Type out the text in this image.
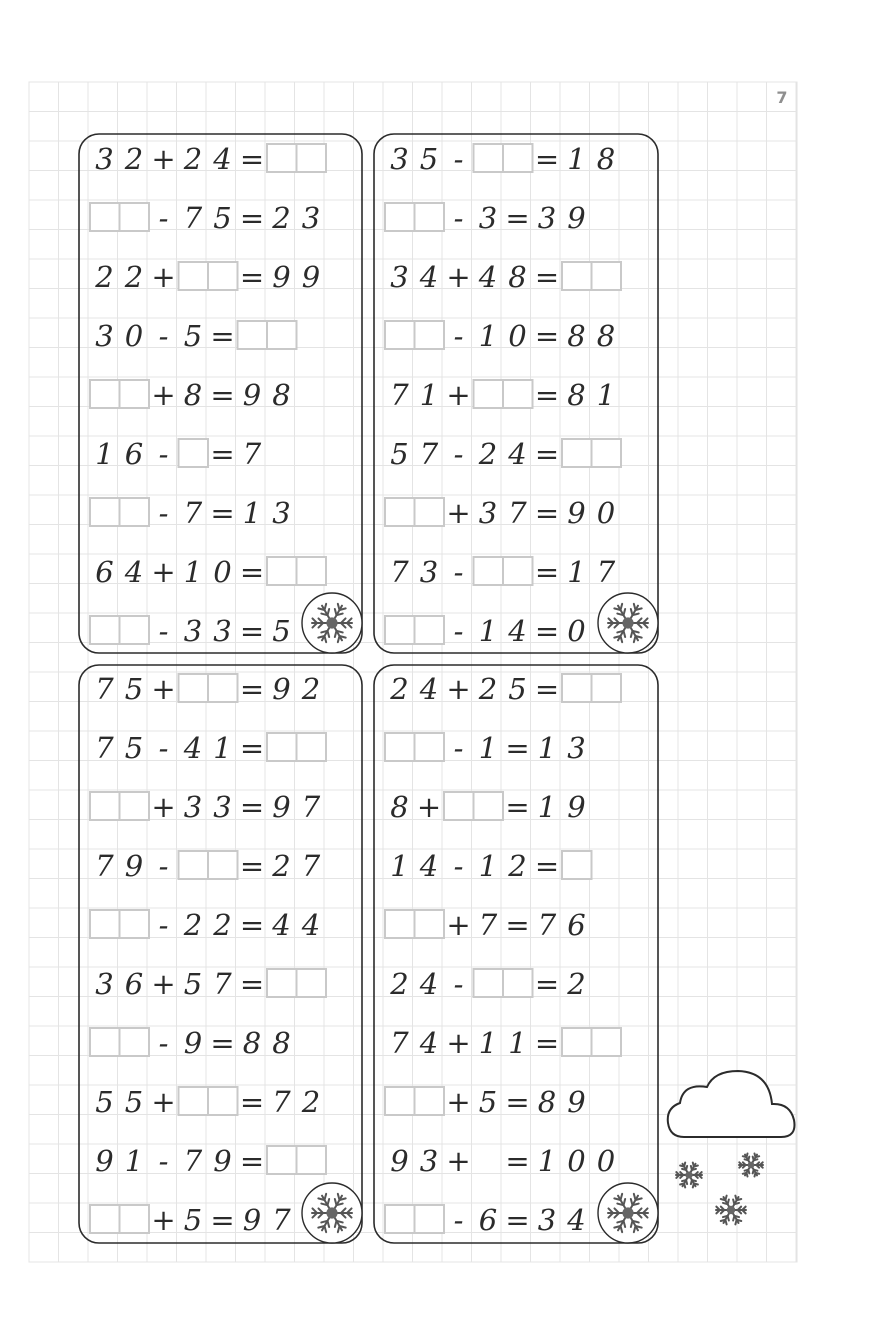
3 2 + 2 4 =
- 7 5 = 2 3
2 2 + = 9 9
3 0 - 5 =
+ 8 = 9 8
1 6 - = 7
- 7 = 1 3
6 4 + 1 0 =
- 3 3 = 5
3 5 - = 1 8
- 3 = 3 9
3 4 + 4 8 =
- 1 0 = 8 8
7 1 + = 8 1
5 7 - 2 4 =
+ 3 7 = 9 0
7 3 - = 1 7
- 1 4 = 0
7 5 + = 9 2
7 5 - 4 1 =
+ 3 3 = 9 7
7 9 - = 2 7
- 2 2 = 4 4
3 6 + 5 7 =
- 9 = 8 8
5 5 + = 7 2
9 1 - 7 9 =
+ 5 = 9 7
2 4 + 2 5 =
- 1 = 1 3
8 + = 1 9
1 4 - 1 2 =
+ 7 = 7 6
2 4 - = 2
7 4 + 1 1 =
+ 5 = 8 9
9 3 + = 1 0 0
- 6 = 3 4
7
